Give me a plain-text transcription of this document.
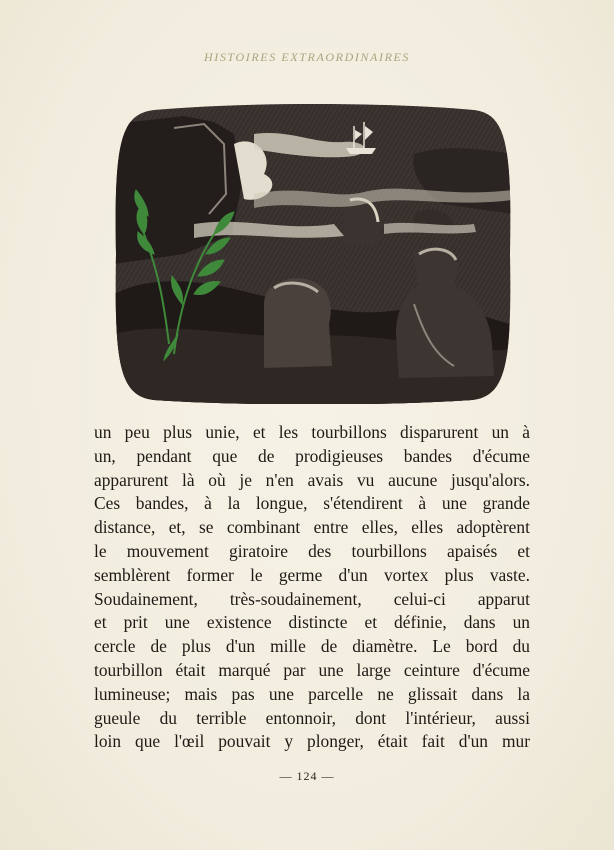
HISTOIRES EXTRAORDINAIRES
un peu plus unie, et les tourbillons disparurent un à
un, pendant que de prodigieuses bandes d'écume
apparurent là où je n'en avais vu aucune jusqu'alors.
Ces bandes, à la longue, s'étendirent à une grande
distance, et, se combinant entre elles, elles adoptèrent
le mouvement giratoire des tourbillons apaisés et
semblèrent former le germe d'un vortex plus vaste.
Soudainement, très-soudainement, celui-ci apparut
et prit une existence distincte et définie, dans un
cercle de plus d'un mille de diamètre. Le bord du
tourbillon était marqué par une large ceinture d'écume
lumineuse; mais pas une parcelle ne glissait dans la
gueule du terrible entonnoir, dont l'intérieur, aussi
loin que l'œil pouvait y plonger, était fait d'un mur
— 124 —
